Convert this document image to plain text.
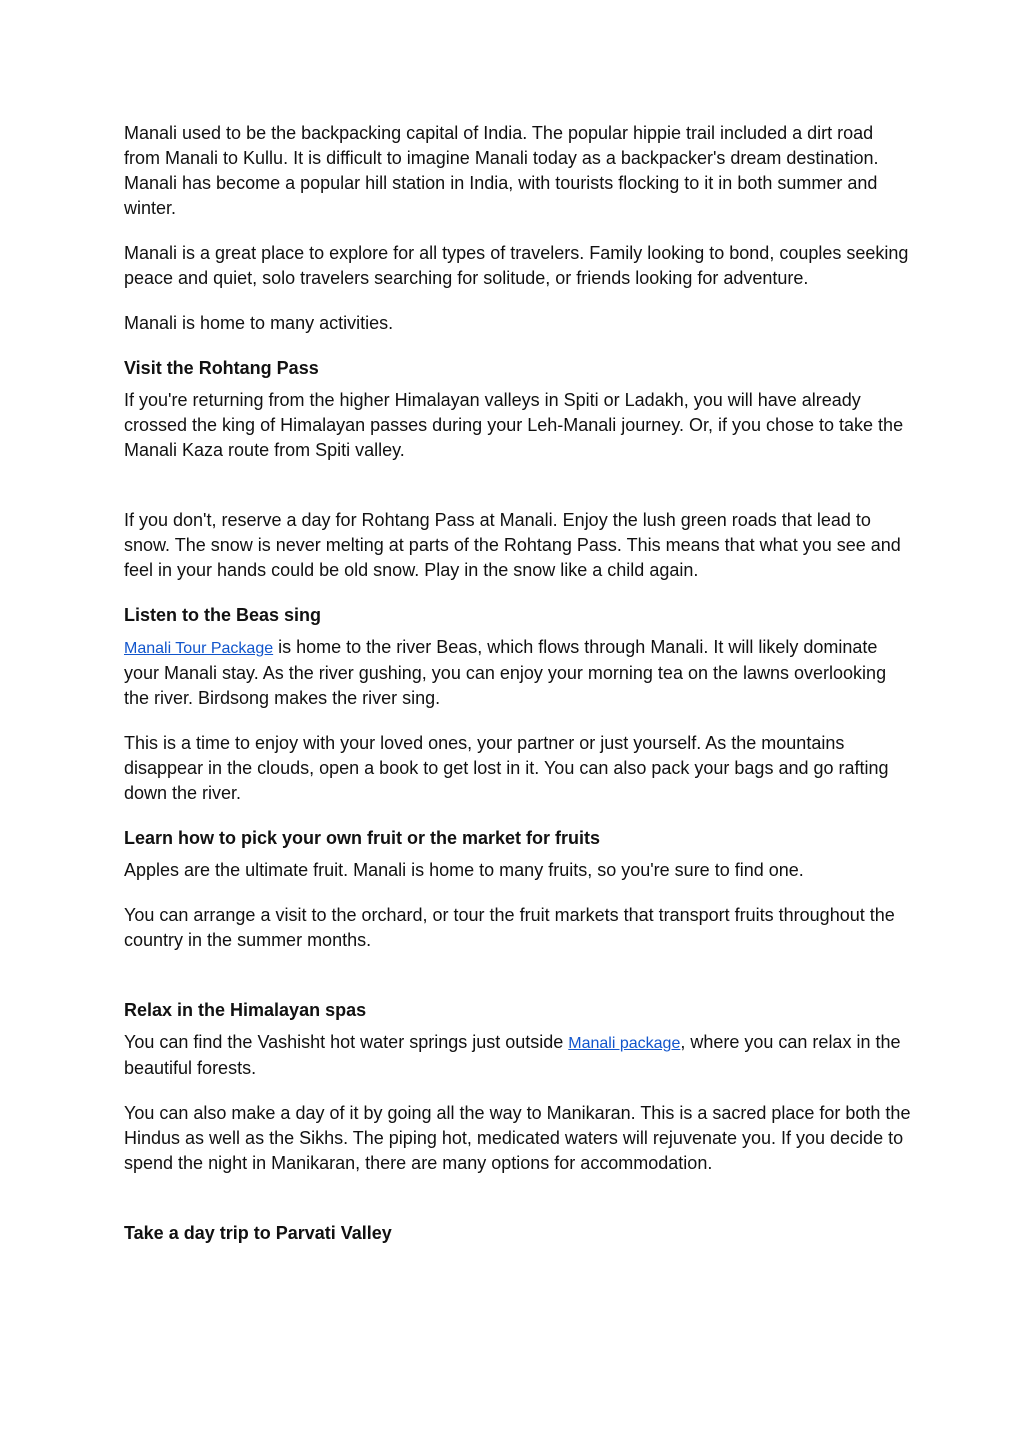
Manali used to be the backpacking capital of India. The popular hippie trail included a dirt road from Manali to Kullu. It is difficult to imagine Manali today as a backpacker's dream destination. Manali has become a popular hill station in India, with tourists flocking to it in both summer and winter.

Manali is a great place to explore for all types of travelers. Family looking to bond, couples seeking peace and quiet, solo travelers searching for solitude, or friends looking for adventure.

Manali is home to many activities.

Visit the Rohtang Pass

If you're returning from the higher Himalayan valleys in Spiti or Ladakh, you will have already crossed the king of Himalayan passes during your Leh-Manali journey. Or, if you chose to take the Manali Kaza route from Spiti valley.

If you don't, reserve a day for Rohtang Pass at Manali. Enjoy the lush green roads that lead to snow. The snow is never melting at parts of the Rohtang Pass. This means that what you see and feel in your hands could be old snow. Play in the snow like a child again.

Listen to the Beas sing

Manali Tour Package is home to the river Beas, which flows through Manali. It will likely dominate your Manali stay. As the river gushing, you can enjoy your morning tea on the lawns overlooking the river. Birdsong makes the river sing.

This is a time to enjoy with your loved ones, your partner or just yourself. As the mountains disappear in the clouds, open a book to get lost in it. You can also pack your bags and go rafting down the river.

Learn how to pick your own fruit or the market for fruits

Apples are the ultimate fruit. Manali is home to many fruits, so you're sure to find one.

You can arrange a visit to the orchard, or tour the fruit markets that transport fruits throughout the country in the summer months.

Relax in the Himalayan spas

You can find the Vashisht hot water springs just outside Manali package, where you can relax in the beautiful forests.

You can also make a day of it by going all the way to Manikaran. This is a sacred place for both the Hindus as well as the Sikhs. The piping hot, medicated waters will rejuvenate you. If you decide to spend the night in Manikaran, there are many options for accommodation.

Take a day trip to Parvati Valley
